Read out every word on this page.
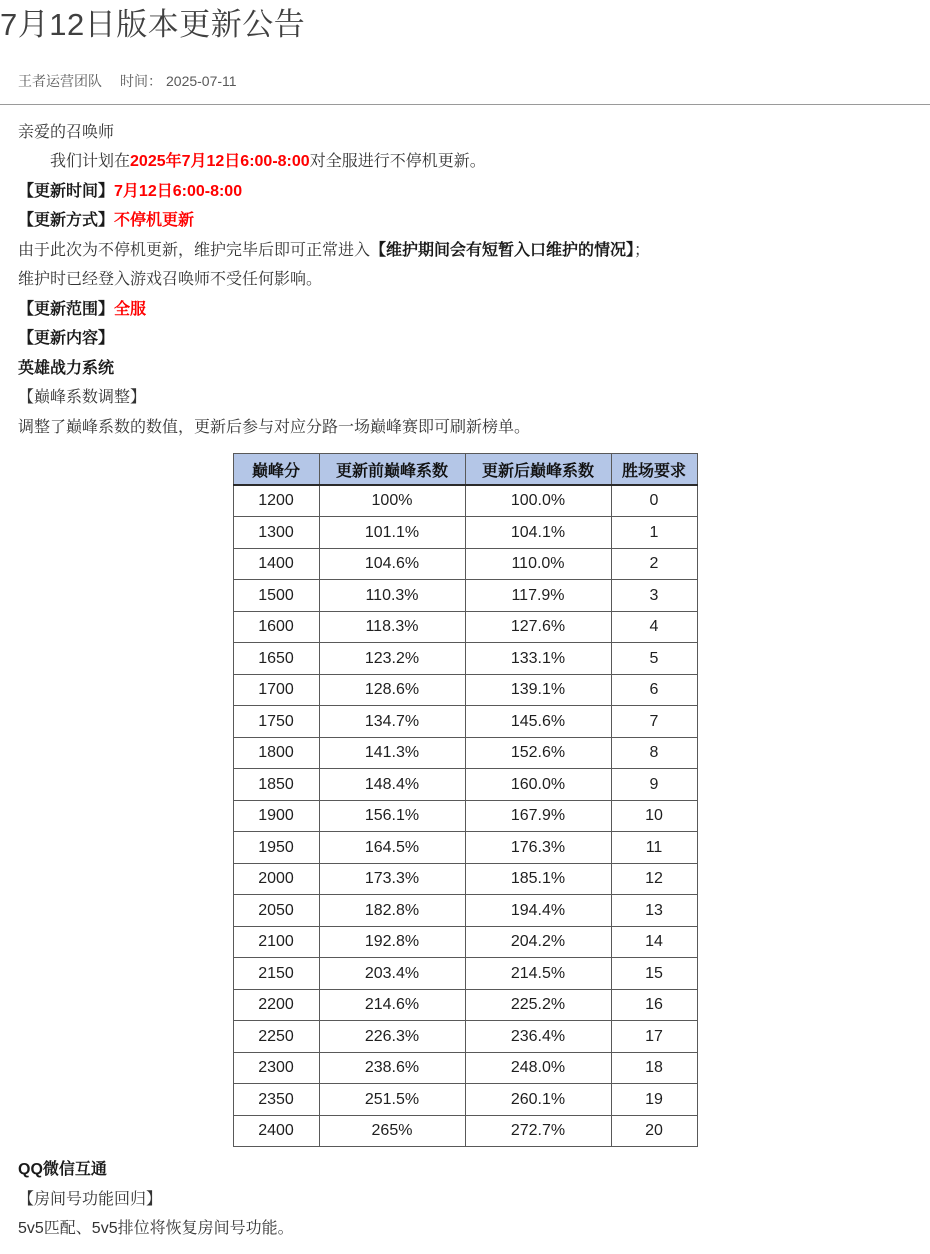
7月12日版本更新公告
王者运营团队 时间： 2025-07-11

亲爱的召唤师

我们计划在2025年7月12日6:00-8:00对全服进行不停机更新。

【更新时间】7月12日6:00-8:00

【更新方式】不停机更新

由于此次为不停机更新，维护完毕后即可正常进入【维护期间会有短暂入口维护的情况】；

维护时已经登入游戏召唤师不受任何影响。

【更新范围】全服

【更新内容】

英雄战力系统

【巅峰系数调整】

调整了巅峰系数的数值，更新后参与对应分路一场巅峰赛即可刷新榜单。

巅峰分	更新前巅峰系数	更新后巅峰系数	胜场要求
1200	100%	100.0%	0
1300	101.1%	104.1%	1
1400	104.6%	110.0%	2
1500	110.3%	117.9%	3
1600	118.3%	127.6%	4
1650	123.2%	133.1%	5
1700	128.6%	139.1%	6
1750	134.7%	145.6%	7
1800	141.3%	152.6%	8
1850	148.4%	160.0%	9
1900	156.1%	167.9%	10
1950	164.5%	176.3%	11
2000	173.3%	185.1%	12
2050	182.8%	194.4%	13
2100	192.8%	204.2%	14
2150	203.4%	214.5%	15
2200	214.6%	225.2%	16
2250	226.3%	236.4%	17
2300	238.6%	248.0%	18
2350	251.5%	260.1%	19
2400	265%	272.7%	20

QQ微信互通

【房间号功能回归】

5v5匹配、5v5排位将恢复房间号功能。
